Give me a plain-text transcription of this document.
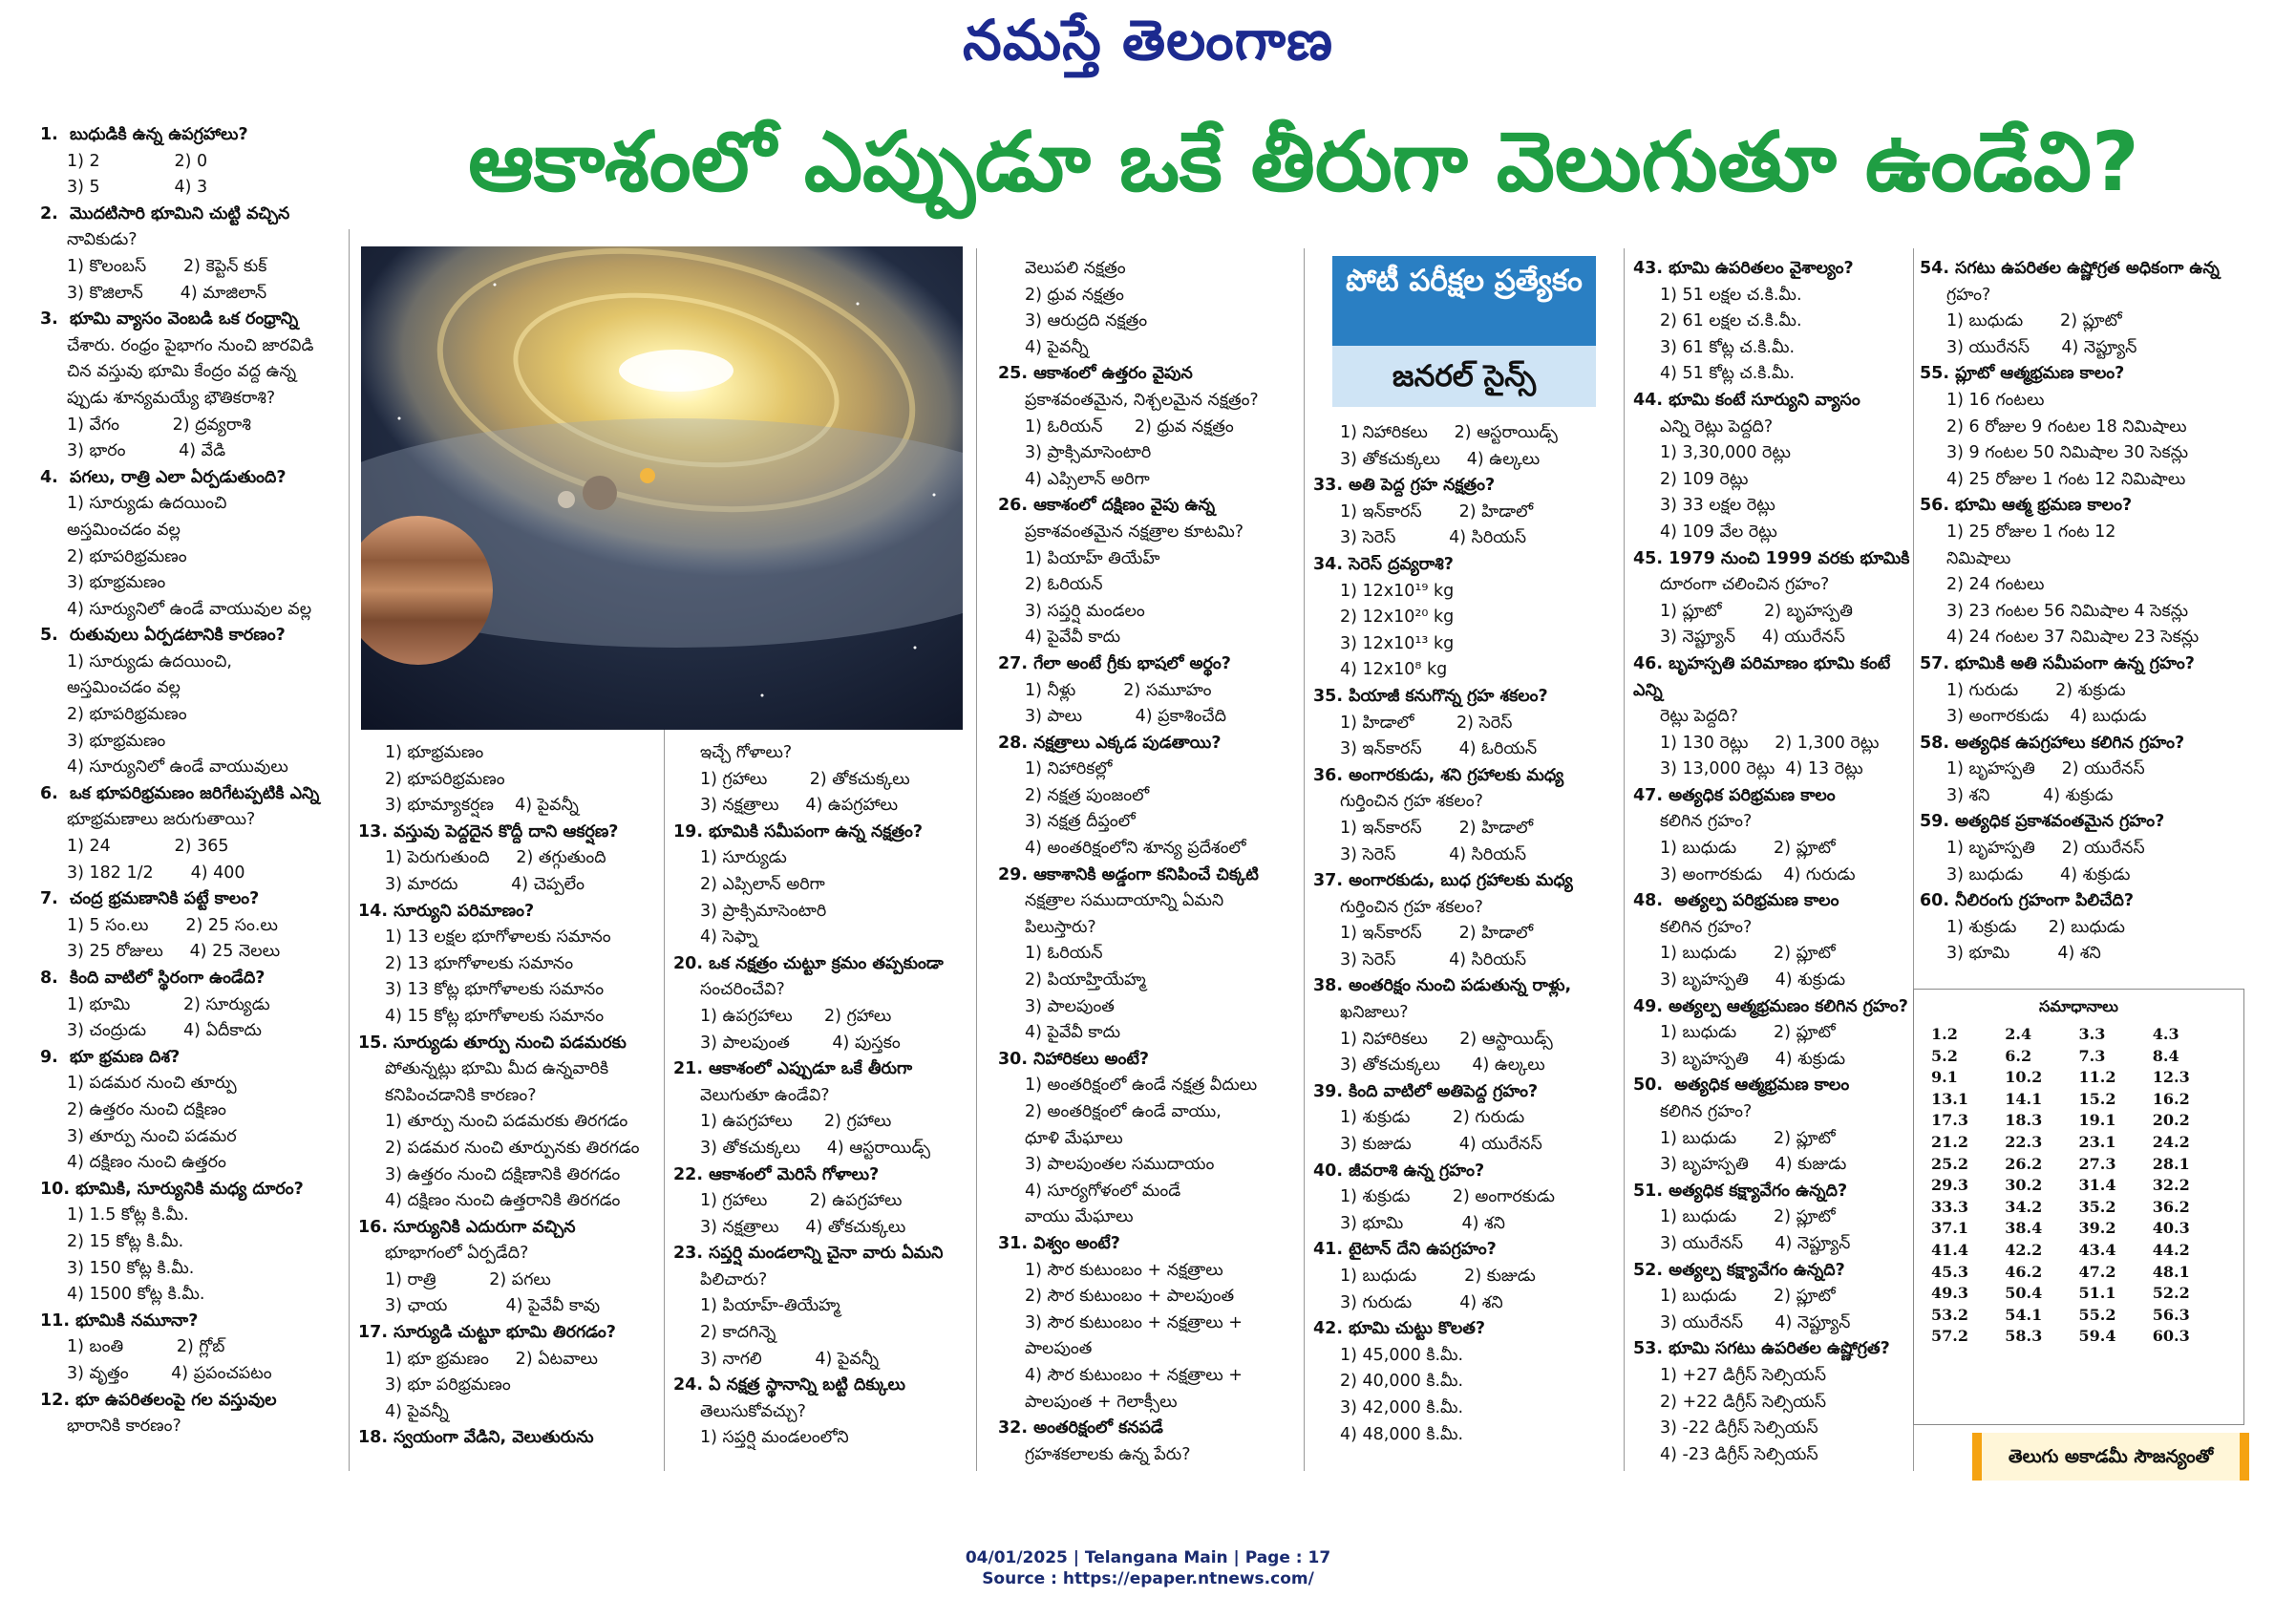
నమస్తే తెలంగాణ
ఆకాశంలో ఎప్పుడూ ఒకే తీరుగా వెలుగుతూ ఉండేవి?
పోటీ పరీక్షల ప్రత్యేకం
జనరల్ సైన్స్
1.  బుధుడికి ఉన్న ఉపగ్రహాలు?
1) 2              2) 0
3) 5              4) 3
2.  మొదటిసారి భూమిని చుట్టి వచ్చిన
నావికుడు?
1) కొలంబస్       2) కెప్టెన్ కుక్
3) కొజిలాన్       4) మాజిలాన్
3.  భూమి వ్యాసం వెంబడి ఒక రంధ్రాన్ని
చేశారు. రంధ్రం పైభాగం నుంచి జారవిడి
చిన వస్తువు భూమి కేంద్రం వద్ద ఉన్న
ప్పుడు శూన్యమయ్యే భౌతికరాశి?
1) వేగం          2) ద్రవ్యరాశి
3) భారం          4) వేడి
4.  పగలు, రాత్రి ఎలా ఏర్పడుతుంది?
1) సూర్యుడు ఉదయించి
అస్తమించడం వల్ల
2) భూపరిభ్రమణం
3) భూభ్రమణం
4) సూర్యునిలో ఉండే వాయువుల వల్ల
5.  రుతువులు ఏర్పడటానికి కారణం?
1) సూర్యుడు ఉదయించి,
అస్తమించడం వల్ల
2) భూపరిభ్రమణం
3) భూభ్రమణం
4) సూర్యునిలో ఉండే వాయువులు
6.  ఒక భూపరిభ్రమణం జరిగేటప్పటికి ఎన్ని
భూభ్రమణాలు జరుగుతాయి?
1) 24            2) 365
3) 182 1/2       4) 400
7.  చంద్ర భ్రమణానికి పట్టే కాలం?
1) 5 సం.లు       2) 25 సం.లు
3) 25 రోజులు     4) 25 నెలలు
8.  కింది వాటిలో స్థిరంగా ఉండేది?
1) భూమి          2) సూర్యుడు
3) చంద్రుడు       4) ఏదీకాదు
9.  భూ భ్రమణ దిశ?
1) పడమర నుంచి తూర్పు
2) ఉత్తరం నుంచి దక్షిణం
3) తూర్పు నుంచి పడమర
4) దక్షిణం నుంచి ఉత్తరం
10. భూమికి, సూర్యునికి మధ్య దూరం?
1) 1.5 కోట్ల కి.మీ.
2) 15 కోట్ల కి.మీ.
3) 150 కోట్ల కి.మీ.
4) 1500 కోట్ల కి.మీ.
11. భూమికి నమూనా?
1) బంతి          2) గ్లోబ్
3) వృత్తం        4) ప్రపంచపటం
12. భూ ఉపరితలంపై గల వస్తువుల
భారానికి కారణం?
1) భూభ్రమణం
2) భూపరిభ్రమణం
3) భూమ్యాకర్షణ    4) పైవన్నీ
13. వస్తువు పెద్దదైన కొద్దీ దాని ఆకర్షణ?
1) పెరుగుతుంది     2) తగ్గుతుంది
3) మారదు          4) చెప్పలేం
14. సూర్యుని పరిమాణం?
1) 13 లక్షల భూగోళాలకు సమానం
2) 13 భూగోళాలకు సమానం
3) 13 కోట్ల భూగోళాలకు సమానం
4) 15 కోట్ల భూగోళాలకు సమానం
15. సూర్యుడు తూర్పు నుంచి పడమరకు
పోతున్నట్లు భూమి మీద ఉన్నవారికి
కనిపించడానికి కారణం?
1) తూర్పు నుంచి పడమరకు తిరగడం
2) పడమర నుంచి తూర్పునకు తిరగడం
3) ఉత్తరం నుంచి దక్షిణానికి తిరగడం
4) దక్షిణం నుంచి ఉత్తరానికి తిరగడం
16. సూర్యునికి ఎదురుగా వచ్చిన
భూభాగంలో ఏర్పడేది?
1) రాత్రి          2) పగలు
3) ఛాయ           4) పైవేవీ కావు
17. సూర్యుడి చుట్టూ భూమి తిరగడం?
1) భూ భ్రమణం     2) ఏటవాలు
3) భూ పరిభ్రమణం
4) పైవన్నీ
18. స్వయంగా వేడిని, వెలుతురును
ఇచ్చే గోళాలు?
1) గ్రహాలు        2) తోకచుక్కలు
3) నక్షత్రాలు     4) ఉపగ్రహాలు
19. భూమికి సమీపంగా ఉన్న నక్షత్రం?
1) సూర్యుడు
2) ఎప్సిలాన్ అరిగా
3) ప్రాక్సిమాసెంటారి
4) సెఫ్నా
20. ఒక నక్షత్రం చుట్టూ క్రమం తప్పకుండా
సంచరించేవి?
1) ఉపగ్రహాలు      2) గ్రహాలు
3) పాలపుంత        4) పుస్తకం
21. ఆకాశంలో ఎప్పుడూ ఒకే తీరుగా
వెలుగుతూ ఉండేవి?
1) ఉపగ్రహాలు      2) గ్రహాలు
3) తోకచుక్కలు     4) ఆస్టరాయిడ్స్
22. ఆకాశంలో మెరిసే గోళాలు?
1) గ్రహాలు        2) ఉపగ్రహాలు
3) నక్షత్రాలు     4) తోకచుక్కలు
23. సప్తర్షి మండలాన్ని చైనా వారు ఏమని
పిలిచారు?
1) పియాహ్-తియేహ్మ
2) కాదగిన్నె
3) నాగలి          4) పైవన్నీ
24. ఏ నక్షత్ర స్థానాన్ని బట్టి దిక్కులు
తెలుసుకోవచ్చు?
1) సప్తర్షి మండలంలోని
వెలుపలి నక్షత్రం
2) ధ్రువ నక్షత్రం
3) ఆరుద్రది నక్షత్రం
4) పైవన్నీ
25. ఆకాశంలో ఉత్తరం వైపున
ప్రకాశవంతమైన, నిశ్చలమైన నక్షత్రం?
1) ఓరియన్      2) ధ్రువ నక్షత్రం
3) ప్రాక్సిమాసెంటారి
4) ఎప్సిలాన్ అరిగా
26. ఆకాశంలో దక్షిణం వైపు ఉన్న
ప్రకాశవంతమైన నక్షత్రాల కూటమి?
1) పియాహ్ తియేహ్
2) ఓరియన్
3) సప్తర్షి మండలం
4) పైవేవీ కాదు
27. గేలా అంటే గ్రీకు భాషలో అర్థం?
1) నీళ్లు         2) సమూహం
3) పాలు          4) ప్రకాశించేది
28. నక్షత్రాలు ఎక్కడ పుడతాయి?
1) నిహారికల్లో
2) నక్షత్ర పుంజంలో
3) నక్షత్ర దీప్తంలో
4) అంతరిక్షంలోని శూన్య ప్రదేశంలో
29. ఆకాశానికి అడ్డంగా కనిపించే చిక్కటి
నక్షత్రాల సముదాయాన్ని ఏమని
పిలుస్తారు?
1) ఓరియన్
2) పియాహ్తియేహ్మ
3) పాలపుంత
4) పైవేవీ కాదు
30. నిహారికలు అంటే?
1) అంతరిక్షంలో ఉండే నక్షత్ర వీదులు
2) అంతరిక్షంలో ఉండే వాయు,
ధూళి మేఘాలు
3) పాలపుంతల సముదాయం
4) సూర్యగోళంలో మండే
వాయు మేఘాలు
31. విశ్వం అంటే?
1) సౌర కుటుంబం + నక్షత్రాలు
2) సౌర కుటుంబం + పాలపుంత
3) సౌర కుటుంబం + నక్షత్రాలు +
పాలపుంత
4) సౌర కుటుంబం + నక్షత్రాలు +
పాలపుంత + గెలాక్సీలు
32. అంతరిక్షంలో కనపడే
గ్రహశకలాలకు ఉన్న పేరు?
1) నిహారికలు     2) ఆస్టరాయిడ్స్
3) తోకచుక్కలు     4) ఉల్కలు
33. అతి పెద్ద గ్రహ నక్షత్రం?
1) ఇన్‌కారస్       2) హిడాలో
3) సెరెస్          4) సిరియస్
34. సెరెస్ ద్రవ్యరాశి?
1) 12x10¹⁹ kg
2) 12x10²⁰ kg
3) 12x10¹³ kg
4) 12x10⁸ kg
35. పియాజీ కనుగొన్న గ్రహ శకలం?
1) హిడాలో        2) సెరెస్
3) ఇన్‌కారస్       4) ఓరియన్
36. అంగారకుడు, శని గ్రహాలకు మధ్య
గుర్తించిన గ్రహ శకలం?
1) ఇన్‌కారస్       2) హిడాలో
3) సెరెస్          4) సిరియస్
37. అంగారకుడు, బుధ గ్రహాలకు మధ్య
గుర్తించిన గ్రహ శకలం?
1) ఇన్‌కారస్       2) హిడాలో
3) సెరెస్          4) సిరియస్
38. అంతరిక్షం నుంచి పడుతున్న రాళ్లు,
ఖనిజాలు?
1) నిహారికలు      2) ఆస్టాయిడ్స్
3) తోకచుక్కలు      4) ఉల్కలు
39. కింది వాటిలో అతిపెద్ద గ్రహం?
1) శుక్రుడు        2) గురుడు
3) కుజుడు         4) యురేనస్
40. జీవరాశి ఉన్న గ్రహం?
1) శుక్రుడు        2) అంగారకుడు
3) భూమి           4) శని
41. టైటాన్ దేని ఉపగ్రహం?
1) బుధుడు         2) కుజుడు
3) గురుడు         4) శని
42. భూమి చుట్టు కొలత?
1) 45,000 కి.మీ.
2) 40,000 కి.మీ.
3) 42,000 కి.మీ.
4) 48,000 కి.మీ.
43. భూమి ఉపరితలం వైశాల్యం?
1) 51 లక్షల చ.కి.మీ.
2) 61 లక్షల చ.కి.మీ.
3) 61 కోట్ల చ.కి.మీ.
4) 51 కోట్ల చ.కి.మీ.
44. భూమి కంటే సూర్యుని వ్యాసం
ఎన్ని రెట్లు పెద్దది?
1) 3,30,000 రెట్లు
2) 109 రెట్లు
3) 33 లక్షల రెట్లు
4) 109 వేల రెట్లు
45. 1979 నుంచి 1999 వరకు భూమికి
దూరంగా చలించిన గ్రహం?
1) ప్లూటో        2) బృహస్పతి
3) నెప్ట్యూన్     4) యురేనస్
46. బృహస్పతి పరిమాణం భూమి కంటే ఎన్ని
రెట్లు పెద్దది?
1) 130 రెట్లు     2) 1,300 రెట్లు
3) 13,000 రెట్లు  4) 13 రెట్లు
47. అత్యధిక పరిభ్రమణ కాలం
కలిగిన గ్రహం?
1) బుధుడు       2) ప్లూటో
3) అంగారకుడు    4) గురుడు
48.  అత్యల్ప పరిభ్రమణ కాలం
కలిగిన గ్రహం?
1) బుధుడు       2) ప్లూటో
3) బృహస్పతి     4) శుక్రుడు
49. అత్యల్ప ఆత్మభ్రమణం కలిగిన గ్రహం?
1) బుధుడు       2) ప్లూటో
3) బృహస్పతి     4) శుక్రుడు
50.  అత్యధిక ఆత్మభ్రమణ కాలం
కలిగిన గ్రహం?
1) బుధుడు       2) ప్లూటో
3) బృహస్పతి     4) కుజుడు
51. అత్యధిక కక్ష్యావేగం ఉన్నది?
1) బుధుడు       2) ప్లూటో
3) యురేనస్      4) నెప్ట్యూన్
52. అత్యల్ప కక్ష్యావేగం ఉన్నది?
1) బుధుడు       2) ప్లూటో
3) యురేనస్      4) నెప్ట్యూన్
53. భూమి సగటు ఉపరితల ఉష్ణోగ్రత?
1) +27 డిగ్రీస్ సెల్సియస్
2) +22 డిగ్రీస్ సెల్సియస్
3) -22 డిగ్రీస్ సెల్సియస్
4) -23 డిగ్రీస్ సెల్సియస్
54. సగటు ఉపరితల ఉష్ణోగ్రత అధికంగా ఉన్న
గ్రహం?
1) బుధుడు       2) ప్లూటో
3) యురేనస్      4) నెప్ట్యూన్
55. ప్లూటో ఆత్మభ్రమణ కాలం?
1) 16 గంటలు
2) 6 రోజుల 9 గంటల 18 నిమిషాలు
3) 9 గంటల 50 నిమిషాల 30 సెకన్లు
4) 25 రోజుల 1 గంట 12 నిమిషాలు
56. భూమి ఆత్మ భ్రమణ కాలం?
1) 25 రోజుల 1 గంట 12
నిమిషాలు
2) 24 గంటలు
3) 23 గంటల 56 నిమిషాల 4 సెకన్లు
4) 24 గంటల 37 నిమిషాల 23 సెకన్లు
57. భూమికి అతి సమీపంగా ఉన్న గ్రహం?
1) గురుడు       2) శుక్రుడు
3) అంగారకుడు    4) బుధుడు
58. అత్యధిక ఉపగ్రహాలు కలిగిన గ్రహం?
1) బృహస్పతి     2) యురేనస్
3) శని          4) శుక్రుడు
59. అత్యధిక ప్రకాశవంతమైన గ్రహం?
1) బృహస్పతి     2) యురేనస్
3) బుధుడు       4) శుక్రుడు
60. నీలిరంగు గ్రహంగా పిలిచేది?
1) శుక్రుడు      2) బుధుడు
3) భూమి         4) శని
సమాధానాలు
1.2	2.4	3.3	4.3
5.2	6.2	7.3	8.4
9.1	10.2	11.2	12.3
13.1	14.1	15.2	16.2
17.3	18.3	19.1	20.2
21.2	22.3	23.1	24.2
25.2	26.2	27.3	28.1
29.3	30.2	31.4	32.2
33.3	34.2	35.2	36.2
37.1	38.4	39.2	40.3
41.4	42.2	43.4	44.2
45.3	46.2	47.2	48.1
49.3	50.4	51.1	52.2
53.2	54.1	55.2	56.3
57.2	58.3	59.4	60.3
తెలుగు అకాడమీ సౌజన్యంతో
04/01/2025 | Telangana Main | Page : 17
Source : https://epaper.ntnews.com/
